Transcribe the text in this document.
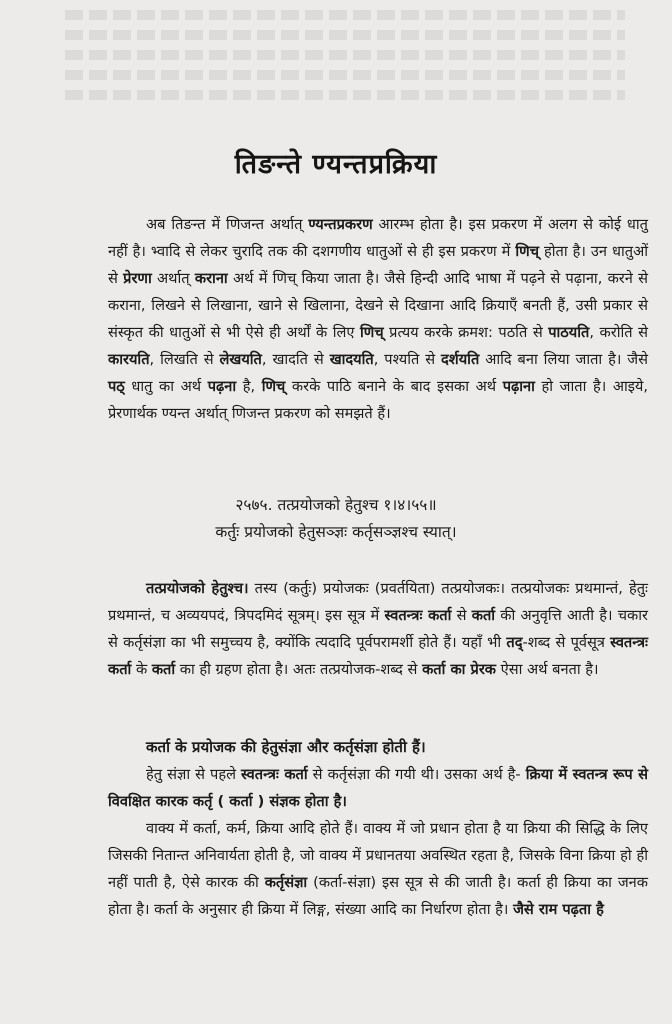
तिङन्ते ण्यन्तप्रक्रिया

अब तिङन्त में णिजन्त अर्थात् ण्यन्तप्रकरण आरम्भ होता है। इस प्रकरण में अलग से कोई धातु नहीं है। भ्वादि से लेकर चुरादि तक की दशगणीय धातुओं से ही इस प्रकरण में णिच् होता है। उन धातुओं से प्रेरणा अर्थात् कराना अर्थ में णिच् किया जाता है। जैसे हिन्दी आदि भाषा में पढ़ने से पढ़ाना, करने से कराना, लिखने से लिखाना, खाने से खिलाना, देखने से दिखाना आदि क्रियाएँ बनती हैं, उसी प्रकार से संस्कृत की धातुओं से भी ऐसे ही अर्थों के लिए णिच् प्रत्यय करके क्रमश: पठति से पाठयति, करोति से कारयति, लिखति से लेखयति, खादति से खादयति, पश्यति से दर्शयति आदि बना लिया जाता है। जैसे पठ् धातु का अर्थ पढ़ना है, णिच् करके पाठि बनाने के बाद इसका अर्थ पढ़ाना हो जाता है। आइये, प्रेरणार्थक ण्यन्त अर्थात् णिजन्त प्रकरण को समझते हैं।

२५७५. तत्प्रयोजको हेतुश्च १।४।५५॥
कर्तुः प्रयोजको हेतुसञ्ज्ञः कर्तृसञ्ज्ञश्च स्यात्।

तत्प्रयोजको हेतुश्च। तस्य (कर्तुः) प्रयोजकः (प्रवर्तयिता) तत्प्रयोजकः। तत्प्रयोजकः प्रथमान्तं, हेतुः प्रथमान्तं, च अव्ययपदं, त्रिपदमिदं सूत्रम्। इस सूत्र में स्वतन्त्रः कर्ता से कर्ता की अनुवृत्ति आती है। चकार से कर्तृसंज्ञा का भी समुच्चय है, क्योंकि त्यदादि पूर्वपरामर्शी होते हैं। यहाँ भी तद्-शब्द से पूर्वसूत्र स्वतन्त्रः कर्ता के कर्ता का ही ग्रहण होता है। अतः तत्प्रयोजक-शब्द से कर्ता का प्रेरक ऐसा अर्थ बनता है।

कर्ता के प्रयोजक की हेतुसंज्ञा और कर्तृसंज्ञा होती हैं।
हेतु संज्ञा से पहले स्वतन्त्रः कर्ता से कर्तृसंज्ञा की गयी थी। उसका अर्थ है- क्रिया में स्वतन्त्र रूप से विवक्षित कारक कर्तृ ( कर्ता ) संज्ञक होता है।
वाक्य में कर्ता, कर्म, क्रिया आदि होते हैं। वाक्य में जो प्रधान होता है या क्रिया की सिद्धि के लिए जिसकी नितान्त अनिवार्यता होती है, जो वाक्य में प्रधानतया अवस्थित रहता है, जिसके विना क्रिया हो ही नहीं पाती है, ऐसे कारक की कर्तृसंज्ञा (कर्ता-संज्ञा) इस सूत्र से की जाती है। कर्ता ही क्रिया का जनक होता है। कर्ता के अनुसार ही क्रिया में लिङ्ग, संख्या आदि का निर्धारण होता है। जैसे राम पढ़ता है
